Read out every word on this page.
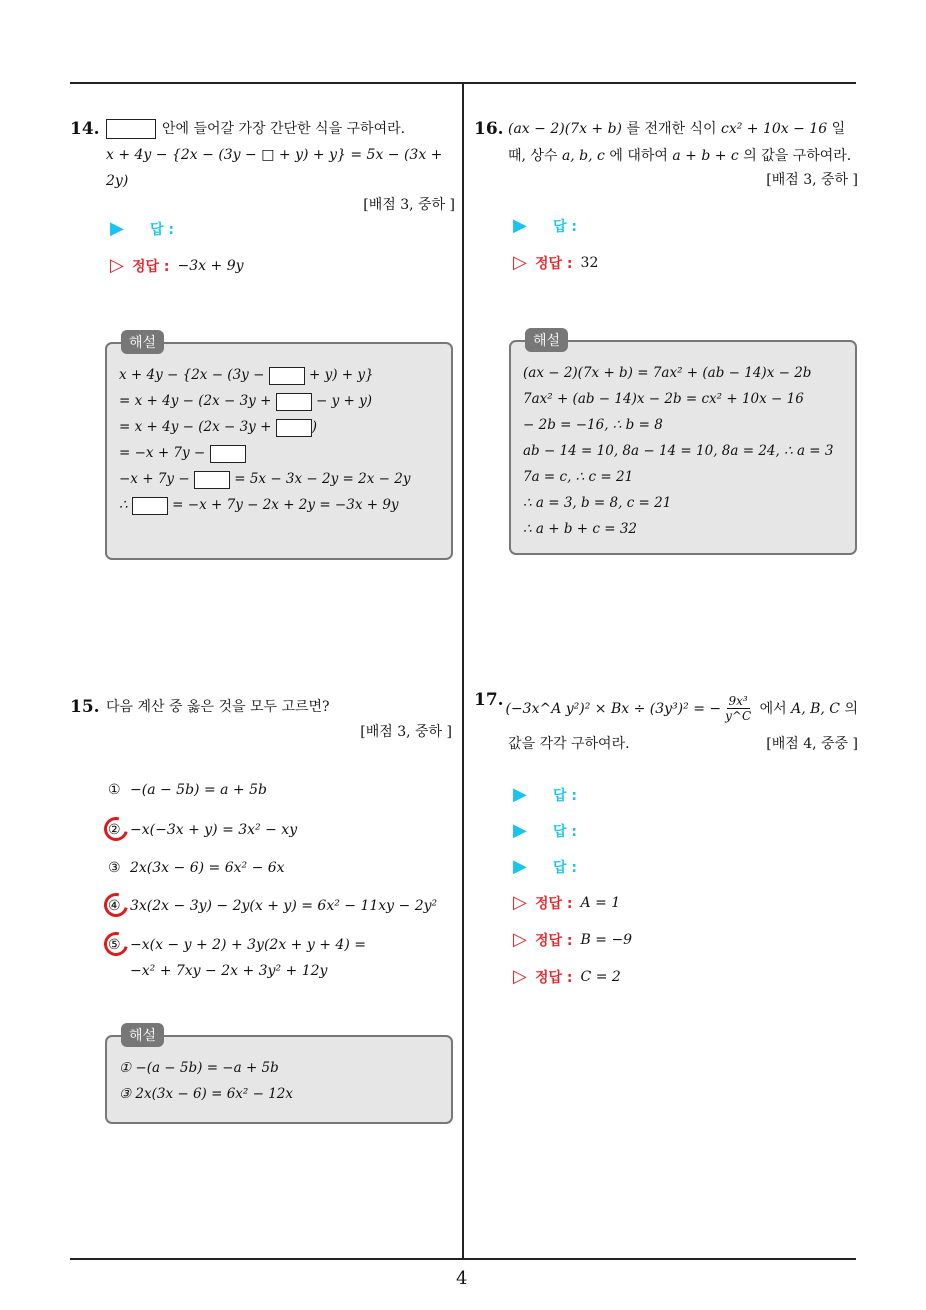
4
14.	안에 들어갈 가장 간단한 식을 구하여라.
x + 4y − {2x − (3y − □ + y) + y} = 5x − (3x + 2y)
[배점 3, 중하 ]
▶	답 :
▷ 정답 : −3x + 9y
해설
x + 4y − {2x − (3y −	+ y) + y}
= x + 4y − (2x − 3y +	− y + y)
= x + 4y − (2x − 3y +	)
= −x + 7y −
−x + 7y −	= 5x − 3x − 2y = 2x − 2y
∴	= −x + 7y − 2x + 2y = −3x + 9y
15. 다음 계산 중 옳은 것을 모두 고르면?
[배점 3, 중하 ]
① −(a − 5b) = a + 5b
② −x(−3x + y) = 3x² − xy
③ 2x(3x − 6) = 6x² − 6x
④ 3x(2x − 3y) − 2y(x + y) = 6x² − 11xy − 2y²
⑤ −x(x − y + 2) + 3y(2x + y + 4) =
−x² + 7xy − 2x + 3y² + 12y
해설
① −(a − 5b) = −a + 5b
③ 2x(3x − 6) = 6x² − 12x
16. (ax − 2)(7x + b) 를 전개한 식이 cx² + 10x − 16 일
때, 상수 a, b, c 에 대하여 a + b + c 의 값을 구하여라.
[배점 3, 중하 ]
▶	답 :
▷ 정답 : 32
해설
(ax − 2)(7x + b) = 7ax² + (ab − 14)x − 2b
7ax² + (ab − 14)x − 2b = cx² + 10x − 16
− 2b = −16, ∴ b = 8
ab − 14 = 10, 8a − 14 = 10, 8a = 24, ∴ a = 3
7a = c, ∴ c = 21
∴ a = 3, b = 8, c = 21
∴ a + b + c = 32
17. (−3x^A y²)² × Bx ÷ (3y³)² = − $\frac{\text{9x³}}{y\^{}C}$ 에서 A, B, C 의
값을 각각 구하여라.	[배점 4, 중중 ]
▶	답 :
▶	답 :
▶	답 :
▷ 정답 : A = 1
▷ 정답 : B = −9
▷ 정답 : C = 2
